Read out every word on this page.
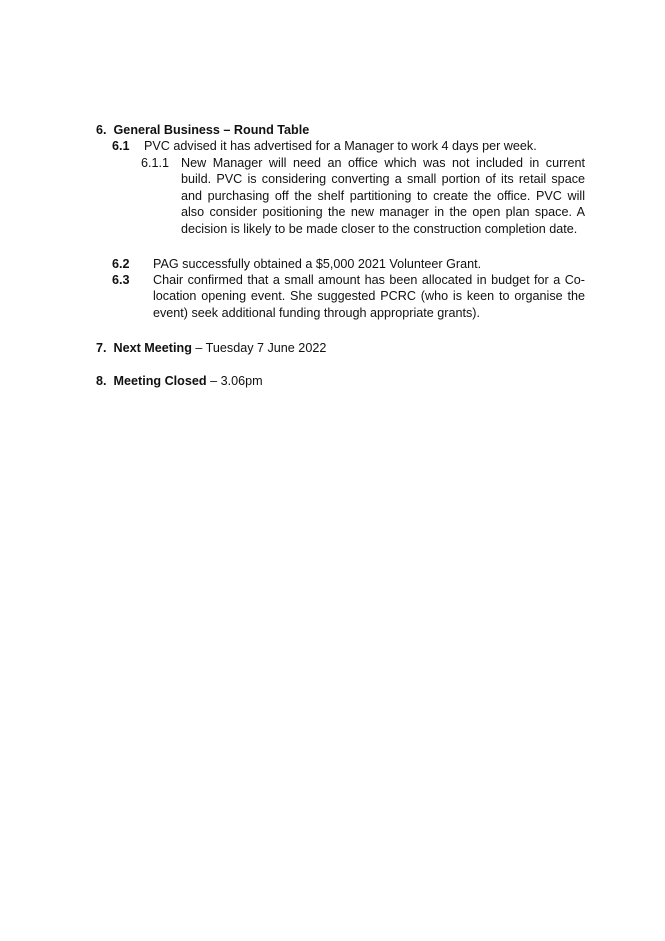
6. General Business – Round Table
6.1 PVC advised it has advertised for a Manager to work 4 days per week.
6.1.1 New Manager will need an office which was not included in current build. PVC is considering converting a small portion of its retail space and purchasing off the shelf partitioning to create the office. PVC will also consider positioning the new manager in the open plan space. A decision is likely to be made closer to the construction completion date.
6.2 PAG successfully obtained a $5,000 2021 Volunteer Grant.
6.3 Chair confirmed that a small amount has been allocated in budget for a Co-location opening event. She suggested PCRC (who is keen to organise the event) seek additional funding through appropriate grants).
7. Next Meeting – Tuesday 7 June 2022
8. Meeting Closed – 3.06pm
